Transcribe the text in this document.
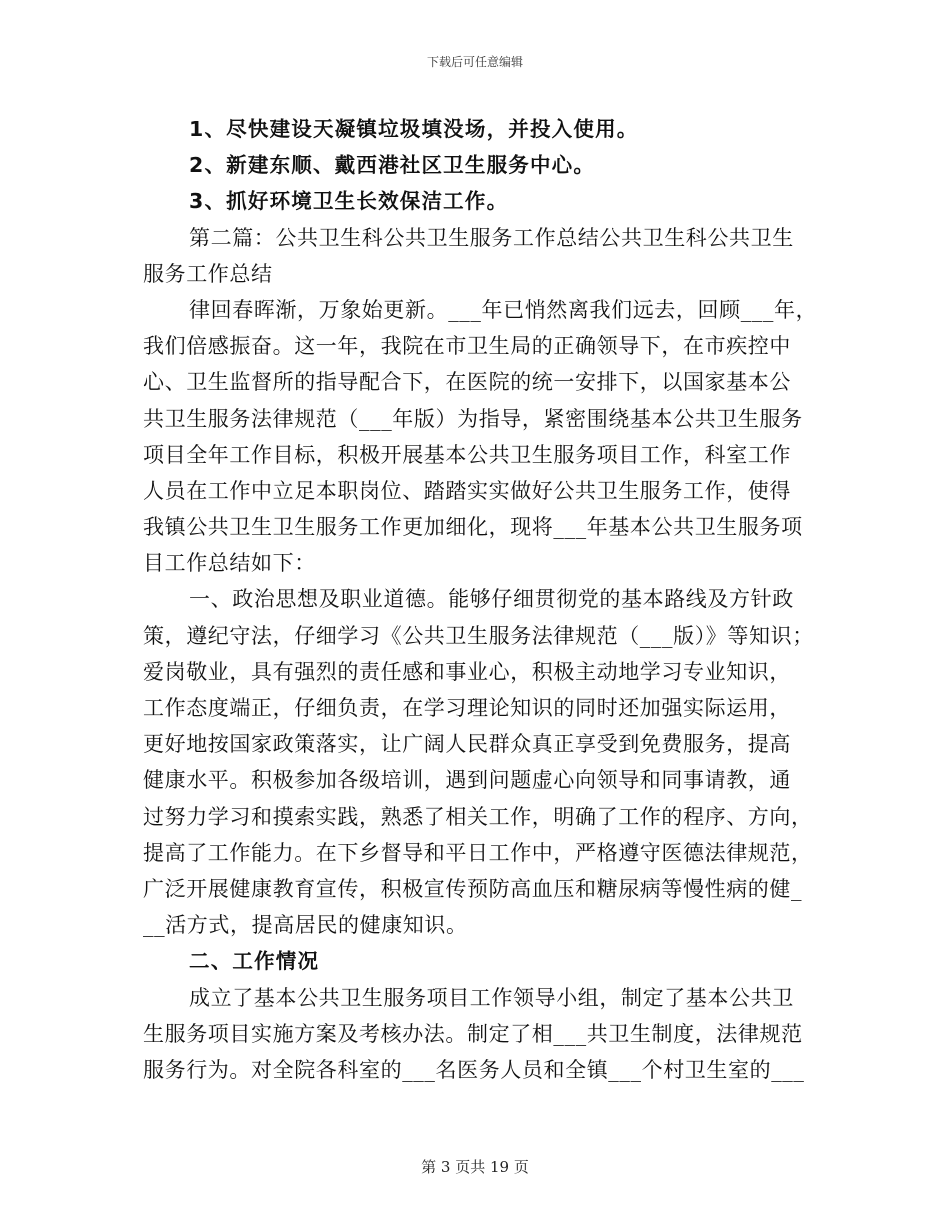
下载后可任意编辑
1、尽快建设天凝镇垃圾填没场，并投入使用。
2、新建东顺、戴西港社区卫生服务中心。
3、抓好环境卫生长效保洁工作。
第二篇：公共卫生科公共卫生服务工作总结公共卫生科公共卫生
服务工作总结
律回春晖渐，万象始更新。___年已悄然离我们远去，回顾___年，
我们倍感振奋。这一年，我院在市卫生局的正确领导下，在市疾控中
心、卫生监督所的指导配合下，在医院的统一安排下，以国家基本公
共卫生服务法律规范（___年版）为指导，紧密围绕基本公共卫生服务
项目全年工作目标，积极开展基本公共卫生服务项目工作，科室工作
人员在工作中立足本职岗位、踏踏实实做好公共卫生服务工作，使得
我镇公共卫生卫生服务工作更加细化，现将___年基本公共卫生服务项
目工作总结如下：
一、政治思想及职业道德。能够仔细贯彻党的基本路线及方针政
策，遵纪守法，仔细学习《公共卫生服务法律规范（___版）》等知识；
爱岗敬业，具有强烈的责任感和事业心，积极主动地学习专业知识，
工作态度端正，仔细负责，在学习理论知识的同时还加强实际运用，
更好地按国家政策落实，让广阔人民群众真正享受到免费服务，提高
健康水平。积极参加各级培训，遇到问题虚心向领导和同事请教，通
过努力学习和摸索实践，熟悉了相关工作，明确了工作的程序、方向，
提高了工作能力。在下乡督导和平日工作中，严格遵守医德法律规范，
广泛开展健康教育宣传，积极宣传预防高血压和糖尿病等慢性病的健_
__活方式，提高居民的健康知识。
二、工作情况
成立了基本公共卫生服务项目工作领导小组，制定了基本公共卫
生服务项目实施方案及考核办法。制定了相___共卫生制度，法律规范
服务行为。对全院各科室的___名医务人员和全镇___个村卫生室的___
第 3 页共 19 页
